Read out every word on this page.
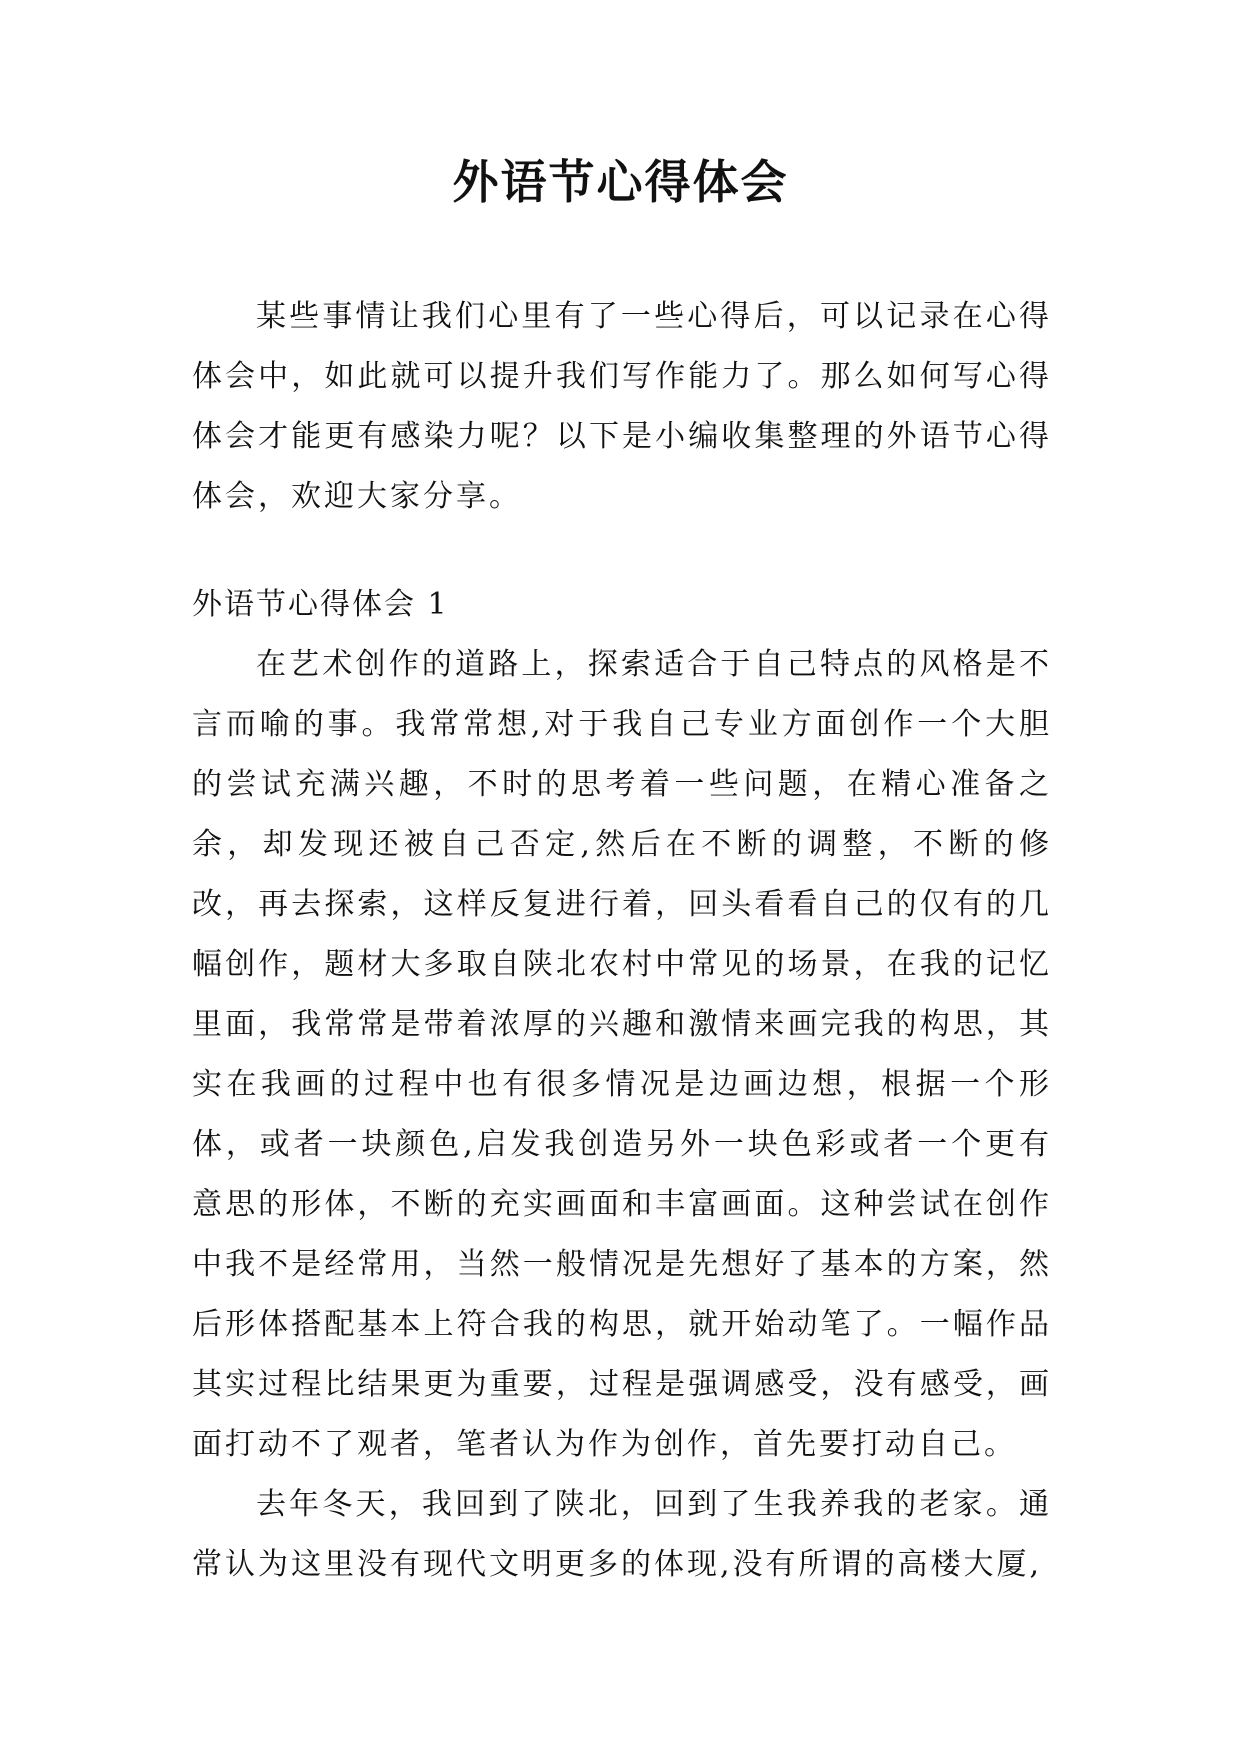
外语节心得体会

某些事情让我们心里有了一些心得后，可以记录在心得体会中，如此就可以提升我们写作能力了。那么如何写心得体会才能更有感染力呢？以下是小编收集整理的外语节心得体会，欢迎大家分享。

外语节心得体会 1

在艺术创作的道路上，探索适合于自己特点的风格是不言而喻的事。我常常想,对于我自己专业方面创作一个大胆的尝试充满兴趣，不时的思考着一些问题，在精心准备之余，却发现还被自己否定,然后在不断的调整，不断的修改，再去探索，这样反复进行着，回头看看自己的仅有的几幅创作，题材大多取自陕北农村中常见的场景，在我的记忆里面，我常常是带着浓厚的兴趣和激情来画完我的构思，其实在我画的过程中也有很多情况是边画边想，根据一个形体，或者一块颜色,启发我创造另外一块色彩或者一个更有意思的形体，不断的充实画面和丰富画面。这种尝试在创作中我不是经常用，当然一般情况是先想好了基本的方案，然后形体搭配基本上符合我的构思，就开始动笔了。一幅作品其实过程比结果更为重要，过程是强调感受，没有感受，画面打动不了观者，笔者认为作为创作，首先要打动自己。

去年冬天，我回到了陕北，回到了生我养我的老家。通常认为这里没有现代文明更多的体现,没有所谓的高楼大厦,
